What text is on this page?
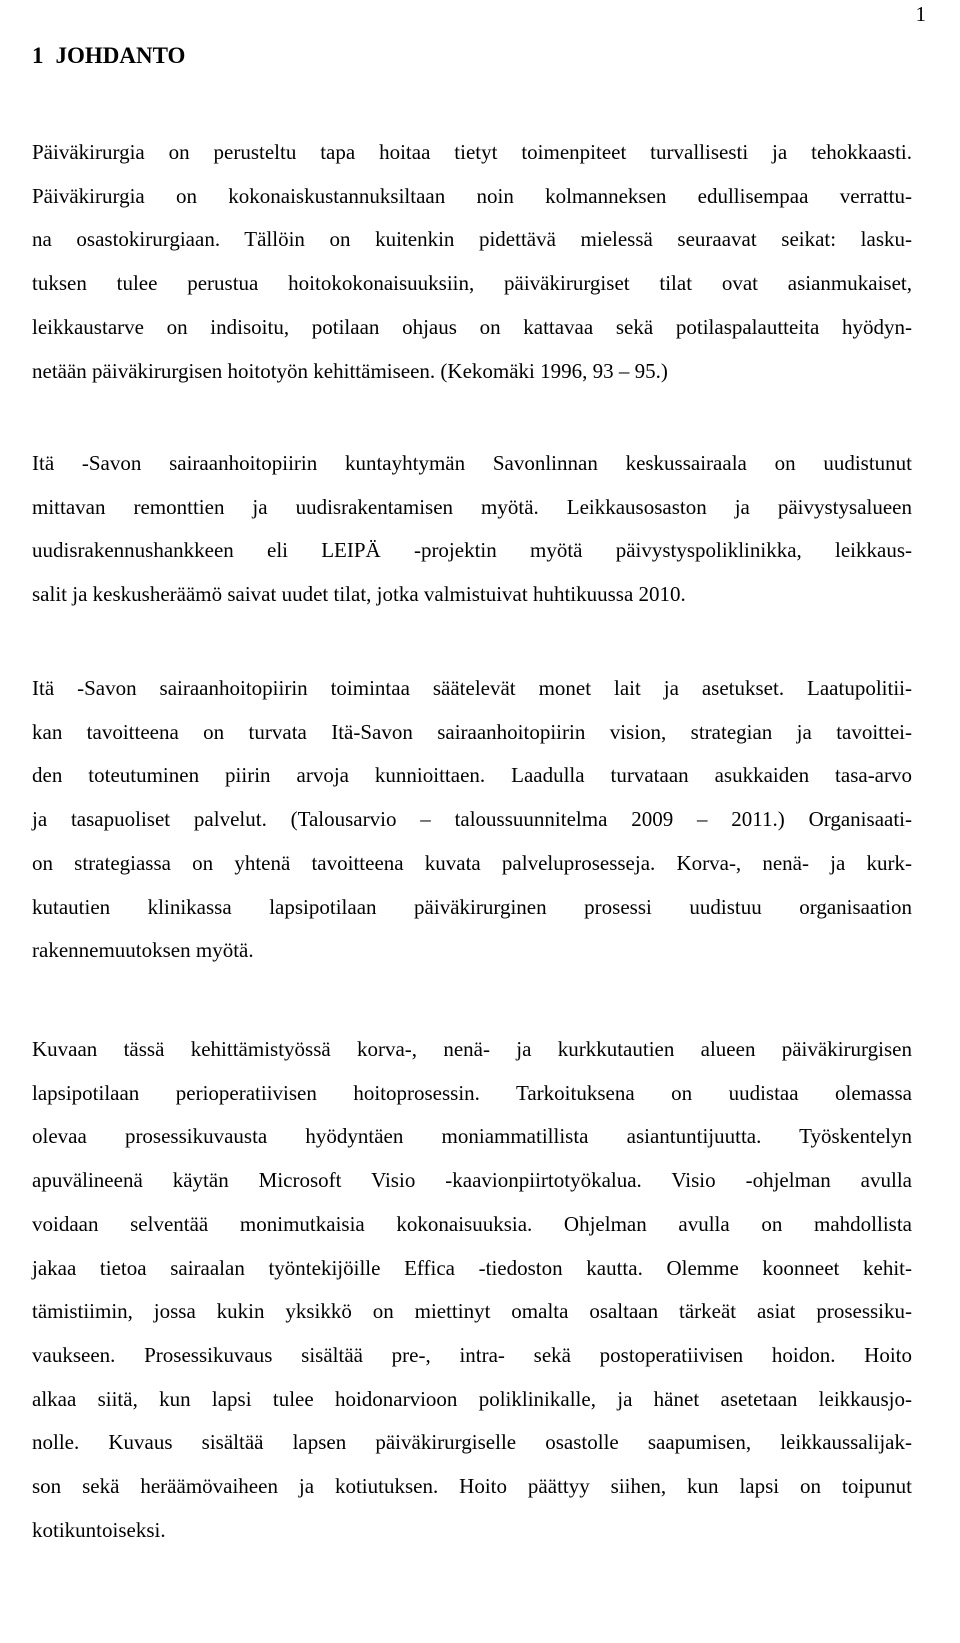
1
1 JOHDANTO
Päiväkirurgia on perusteltu tapa hoitaa tietyt toimenpiteet turvallisesti ja tehokkaasti.
Päiväkirurgia on kokonaiskustannuksiltaan noin kolmanneksen edullisempaa verrattu-
na osastokirurgiaan. Tällöin on kuitenkin pidettävä mielessä seuraavat seikat: lasku-
tuksen tulee perustua hoitokokonaisuuksiin, päiväkirurgiset tilat ovat asianmukaiset,
leikkaustarve on indisoitu, potilaan ohjaus on kattavaa sekä potilaspalautteita hyödyn-
netään päiväkirurgisen hoitotyön kehittämiseen. (Kekomäki 1996, 93 – 95.)
Itä -Savon sairaanhoitopiirin kuntayhtymän Savonlinnan keskussairaala on uudistunut
mittavan remonttien ja uudisrakentamisen myötä. Leikkausosaston ja päivystysalueen
uudisrakennushankkeen eli LEIPÄ -projektin myötä päivystyspoliklinikka, leikkaus-
salit ja keskusheräämö saivat uudet tilat, jotka valmistuivat huhtikuussa 2010.
Itä -Savon sairaanhoitopiirin toimintaa säätelevät monet lait ja asetukset. Laatupolitii-
kan tavoitteena on turvata Itä-Savon sairaanhoitopiirin vision, strategian ja tavoittei-
den toteutuminen piirin arvoja kunnioittaen. Laadulla turvataan asukkaiden tasa-arvo
ja tasapuoliset palvelut. (Talousarvio – taloussuunnitelma 2009 – 2011.) Organisaati-
on strategiassa on yhtenä tavoitteena kuvata palveluprosesseja. Korva-, nenä- ja kurk-
kutautien klinikassa lapsipotilaan päiväkirurginen prosessi uudistuu organisaation
rakennemuutoksen myötä.
Kuvaan tässä kehittämistyössä korva-, nenä- ja kurkkutautien alueen päiväkirurgisen
lapsipotilaan perioperatiivisen hoitoprosessin. Tarkoituksena on uudistaa olemassa
olevaa prosessikuvausta hyödyntäen moniammatillista asiantuntijuutta. Työskentelyn
apuvälineenä käytän Microsoft Visio -kaavionpiirtotyökalua. Visio -ohjelman avulla
voidaan selventää monimutkaisia kokonaisuuksia. Ohjelman avulla on mahdollista
jakaa tietoa sairaalan työntekijöille Effica -tiedoston kautta. Olemme koonneet kehit-
tämistiimin, jossa kukin yksikkö on miettinyt omalta osaltaan tärkeät asiat prosessiku-
vaukseen. Prosessikuvaus sisältää pre-, intra- sekä postoperatiivisen hoidon. Hoito
alkaa siitä, kun lapsi tulee hoidonarvioon poliklinikalle, ja hänet asetetaan leikkausjo-
nolle. Kuvaus sisältää lapsen päiväkirurgiselle osastolle saapumisen, leikkaussalijak-
son sekä heräämövaiheen ja kotiutuksen. Hoito päättyy siihen, kun lapsi on toipunut
kotikuntoiseksi.
